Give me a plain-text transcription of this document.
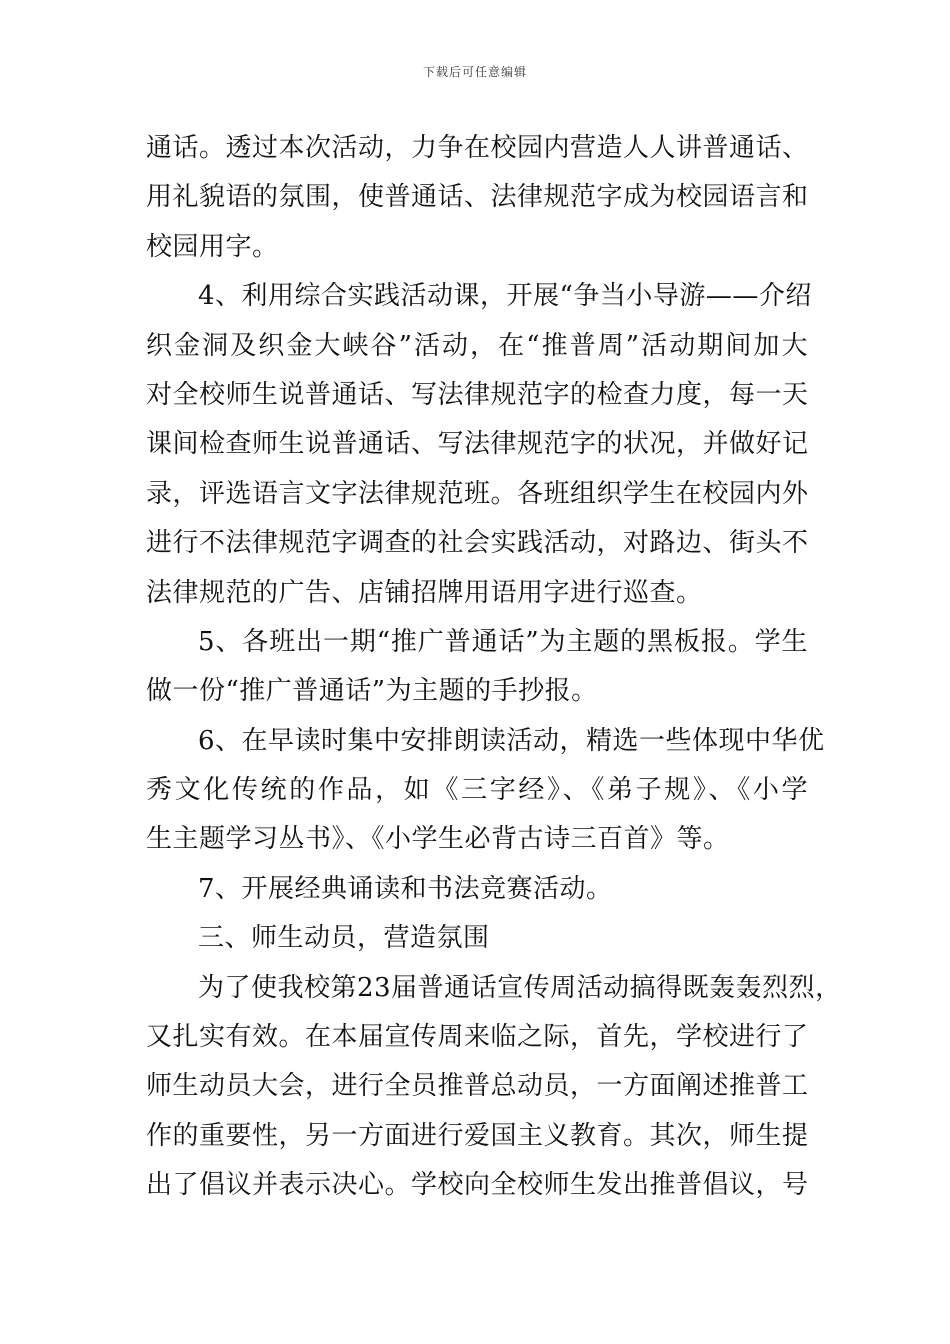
下载后可任意编辑
通话。透过本次活动，力争在校园内营造人人讲普通话、
用礼貌语的氛围，使普通话、法律规范字成为校园语言和
校园用字。
4、利用综合实践活动课，开展“争当小导游——介绍
织金洞及织金大峡谷”活动，在“推普周”活动期间加大
对全校师生说普通话、写法律规范字的检查力度，每一天
课间检查师生说普通话、写法律规范字的状况，并做好记
录，评选语言文字法律规范班。各班组织学生在校园内外
进行不法律规范字调查的社会实践活动，对路边、街头不
法律规范的广告、店铺招牌用语用字进行巡查。
5、各班出一期“推广普通话”为主题的黑板报。学生
做一份“推广普通话”为主题的手抄报。
6、在早读时集中安排朗读活动，精选一些体现中华优
秀文化传统的作品，如《三字经》、《弟子规》、《小学
生主题学习丛书》、《小学生必背古诗三百首》等。
7、开展经典诵读和书法竞赛活动。
三、师生动员，营造氛围
为了使我校第23届普通话宣传周活动搞得既轰轰烈烈，
又扎实有效。在本届宣传周来临之际，首先，学校进行了
师生动员大会，进行全员推普总动员，一方面阐述推普工
作的重要性，另一方面进行爱国主义教育。其次，师生提
出了倡议并表示决心。学校向全校师生发出推普倡议，号
